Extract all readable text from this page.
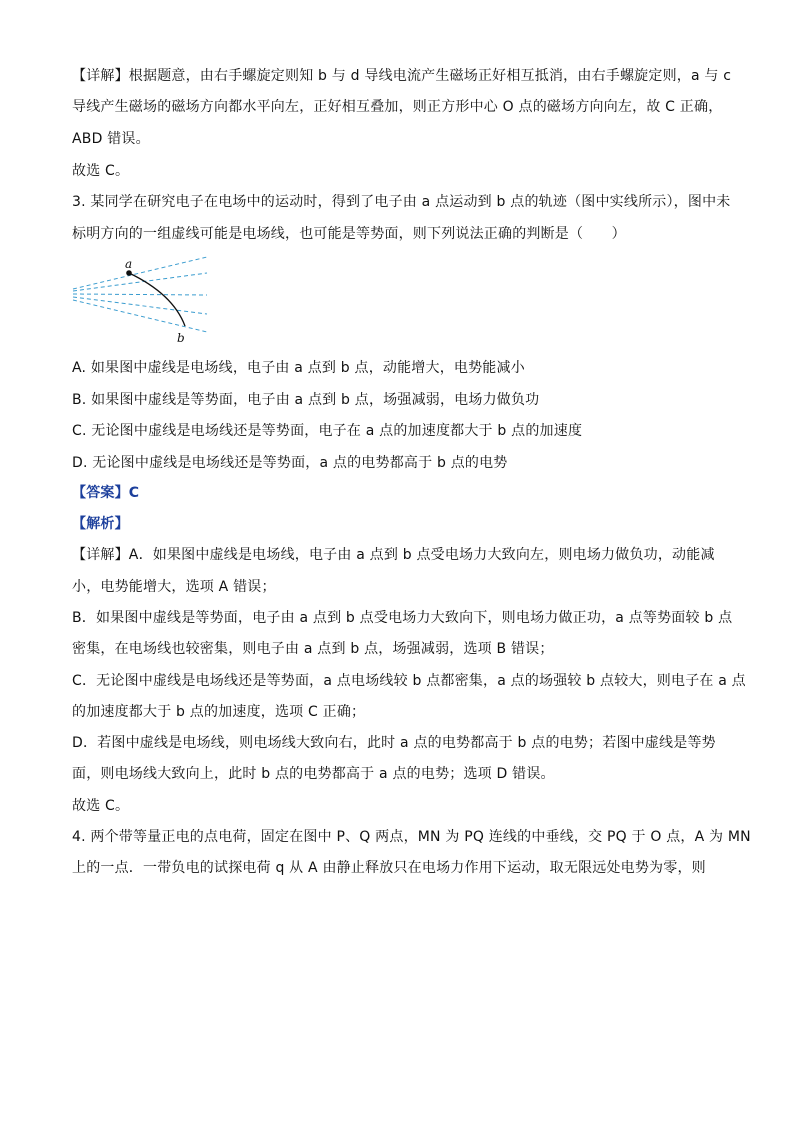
【详解】根据题意，由右手螺旋定则知 b 与 d 导线电流产生磁场正好相互抵消，由右手螺旋定则，a 与 c
导线产生磁场的磁场方向都水平向左，正好相互叠加，则正方形中心 O 点的磁场方向向左，故 C 正确，
ABD 错误。
故选 C。
3. 某同学在研究电子在电场中的运动时，得到了电子由 a 点运动到 b 点的轨迹（图中实线所示），图中未
标明方向的一组虚线可能是电场线，也可能是等势面，则下列说法正确的判断是（　　）
a
b
A. 如果图中虚线是电场线，电子由 a 点到 b 点，动能增大，电势能减小
B. 如果图中虚线是等势面，电子由 a 点到 b 点，场强减弱，电场力做负功
C. 无论图中虚线是电场线还是等势面，电子在 a 点的加速度都大于 b 点的加速度
D. 无论图中虚线是电场线还是等势面，a 点的电势都高于 b 点的电势
【答案】C
【解析】
【详解】A．如果图中虚线是电场线，电子由 a 点到 b 点受电场力大致向左，则电场力做负功，动能减
小，电势能增大，选项 A 错误；
B．如果图中虚线是等势面，电子由 a 点到 b 点受电场力大致向下，则电场力做正功，a 点等势面较 b 点
密集，在电场线也较密集，则电子由 a 点到 b 点，场强减弱，选项 B 错误；
C．无论图中虚线是电场线还是等势面，a 点电场线较 b 点都密集，a 点的场强较 b 点较大，则电子在 a 点
的加速度都大于 b 点的加速度，选项 C 正确；
D．若图中虚线是电场线，则电场线大致向右，此时 a 点的电势都高于 b 点的电势；若图中虚线是等势
面，则电场线大致向上，此时 b 点的电势都高于 a 点的电势；选项 D 错误。
故选 C。
4. 两个带等量正电的点电荷，固定在图中 P、Q 两点，MN 为 PQ 连线的中垂线，交 PQ 于 O 点，A 为 MN
上的一点．一带负电的试探电荷 q 从 A 由静止释放只在电场力作用下运动，取无限远处电势为零，则
